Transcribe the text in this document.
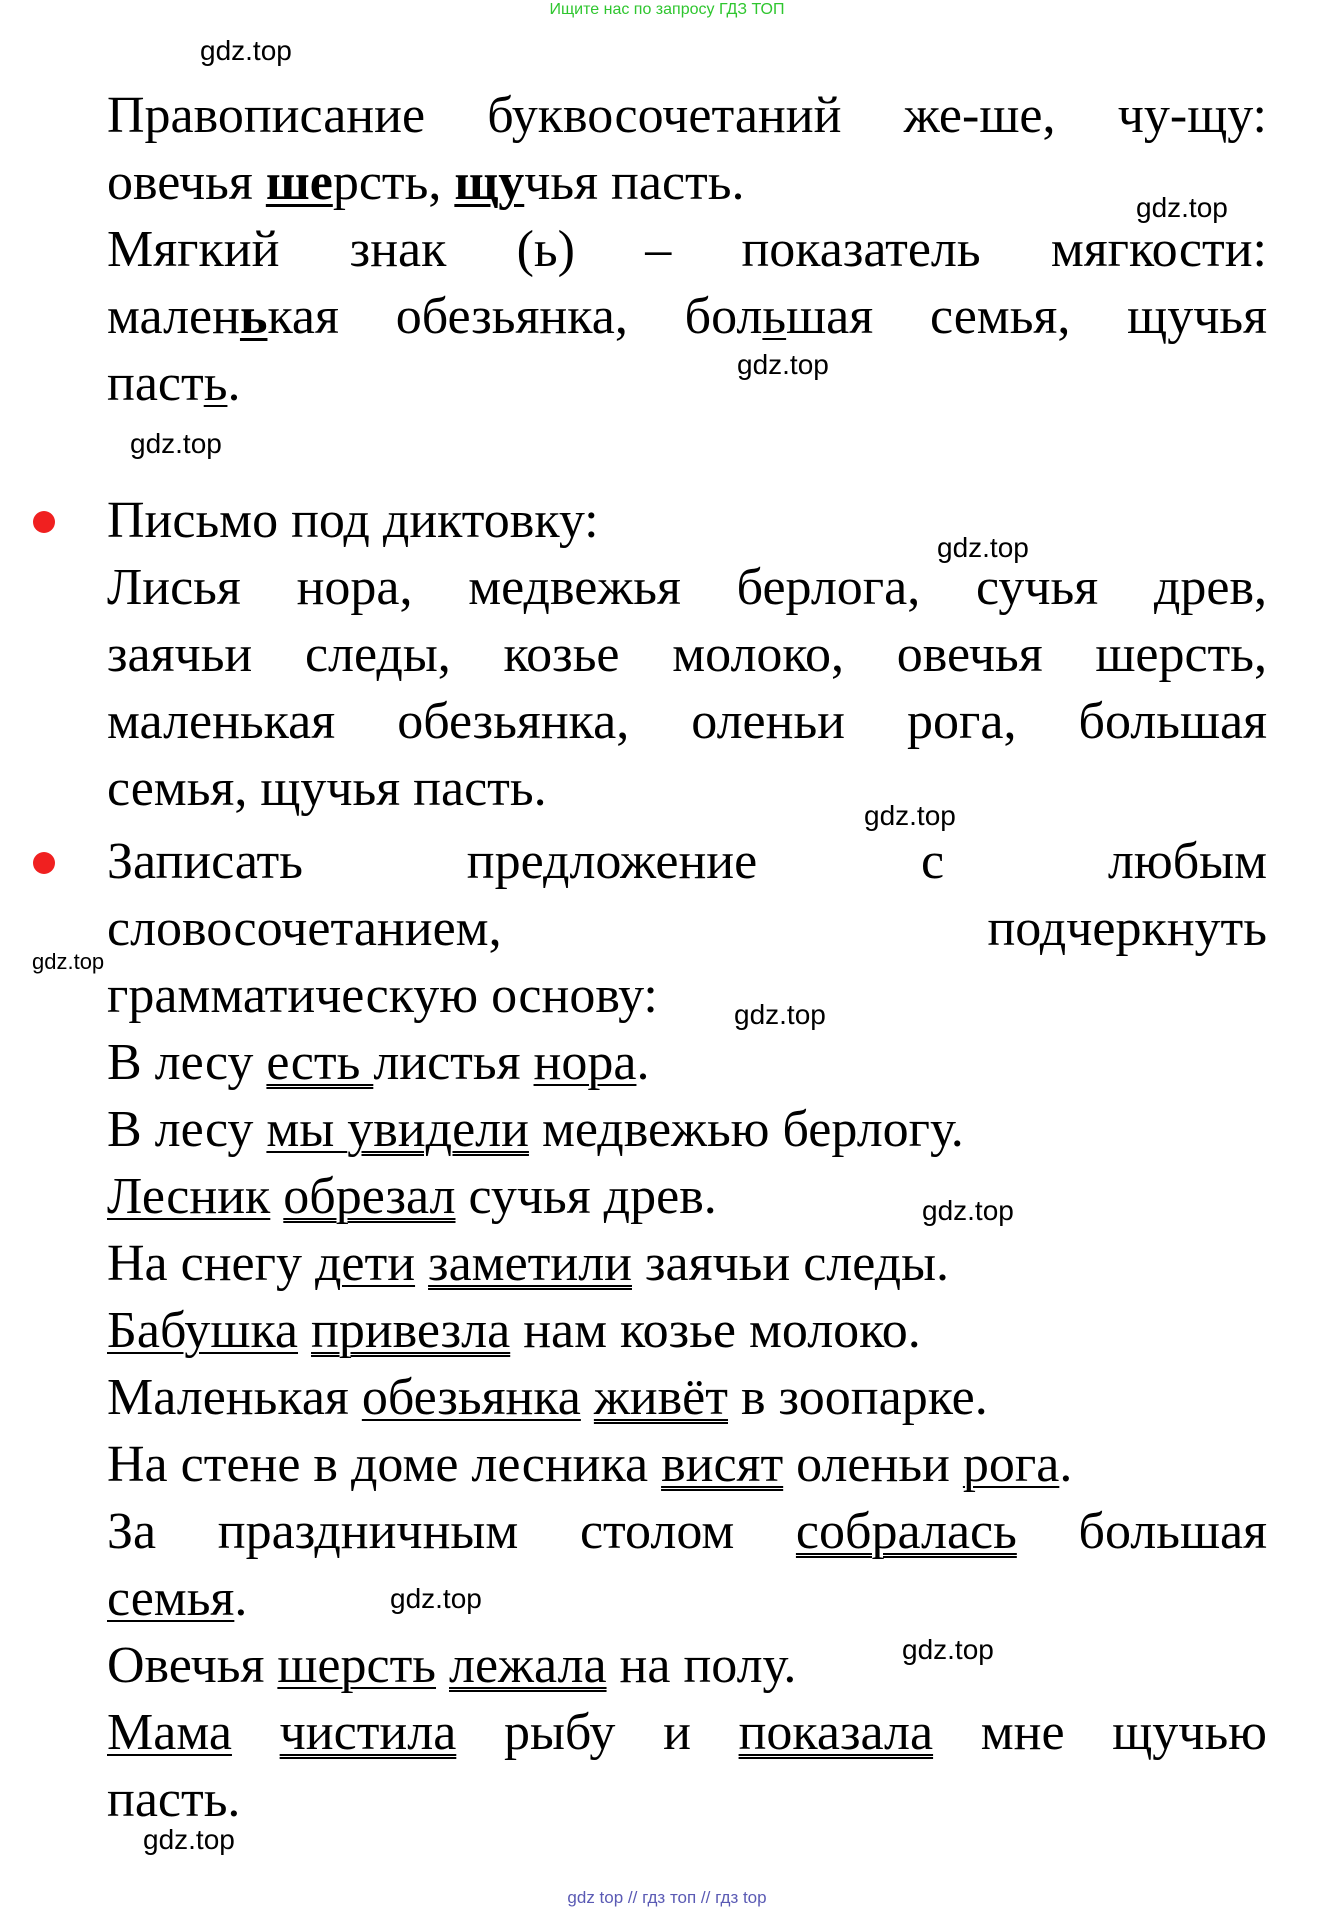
Ищите нас по запросу ГДЗ ТОП
gdz.top
gdz.top
gdz.top
gdz.top
gdz.top
gdz.top
gdz.top
gdz.top
gdz.top
gdz.top
gdz.top
gdz.top
Правописание буквосочетаний же-ше, чу-щу:
овечья шерсть, щучья пасть.
Мягкий знак (ь) – показатель мягкости:
маленькая обезьянка, большая семья, щучья
пасть.
Письмо под диктовку:
Лисья нора, медвежья берлога, сучья древ,
заячьи следы, козье молоко, овечья шерсть,
маленькая обезьянка, оленьи рога, большая
семья, щучья пасть.
Записать предложение с любым
словосочетанием, подчеркнуть
грамматическую основу:
В лесу есть листья нора.
В лесу мы увидели медвежью берлогу.
Лесник обрезал сучья древ.
На снегу дети заметили заячьи следы.
Бабушка привезла нам козье молоко.
Маленькая обезьянка живёт в зоопарке.
На стене в доме лесника висят оленьи рога.
За праздничным столом собралась большая
семья.
Овечья шерсть лежала на полу.
Мама чистила рыбу и показала мне щучью
пасть.
gdz top // гдз топ // гдз top
